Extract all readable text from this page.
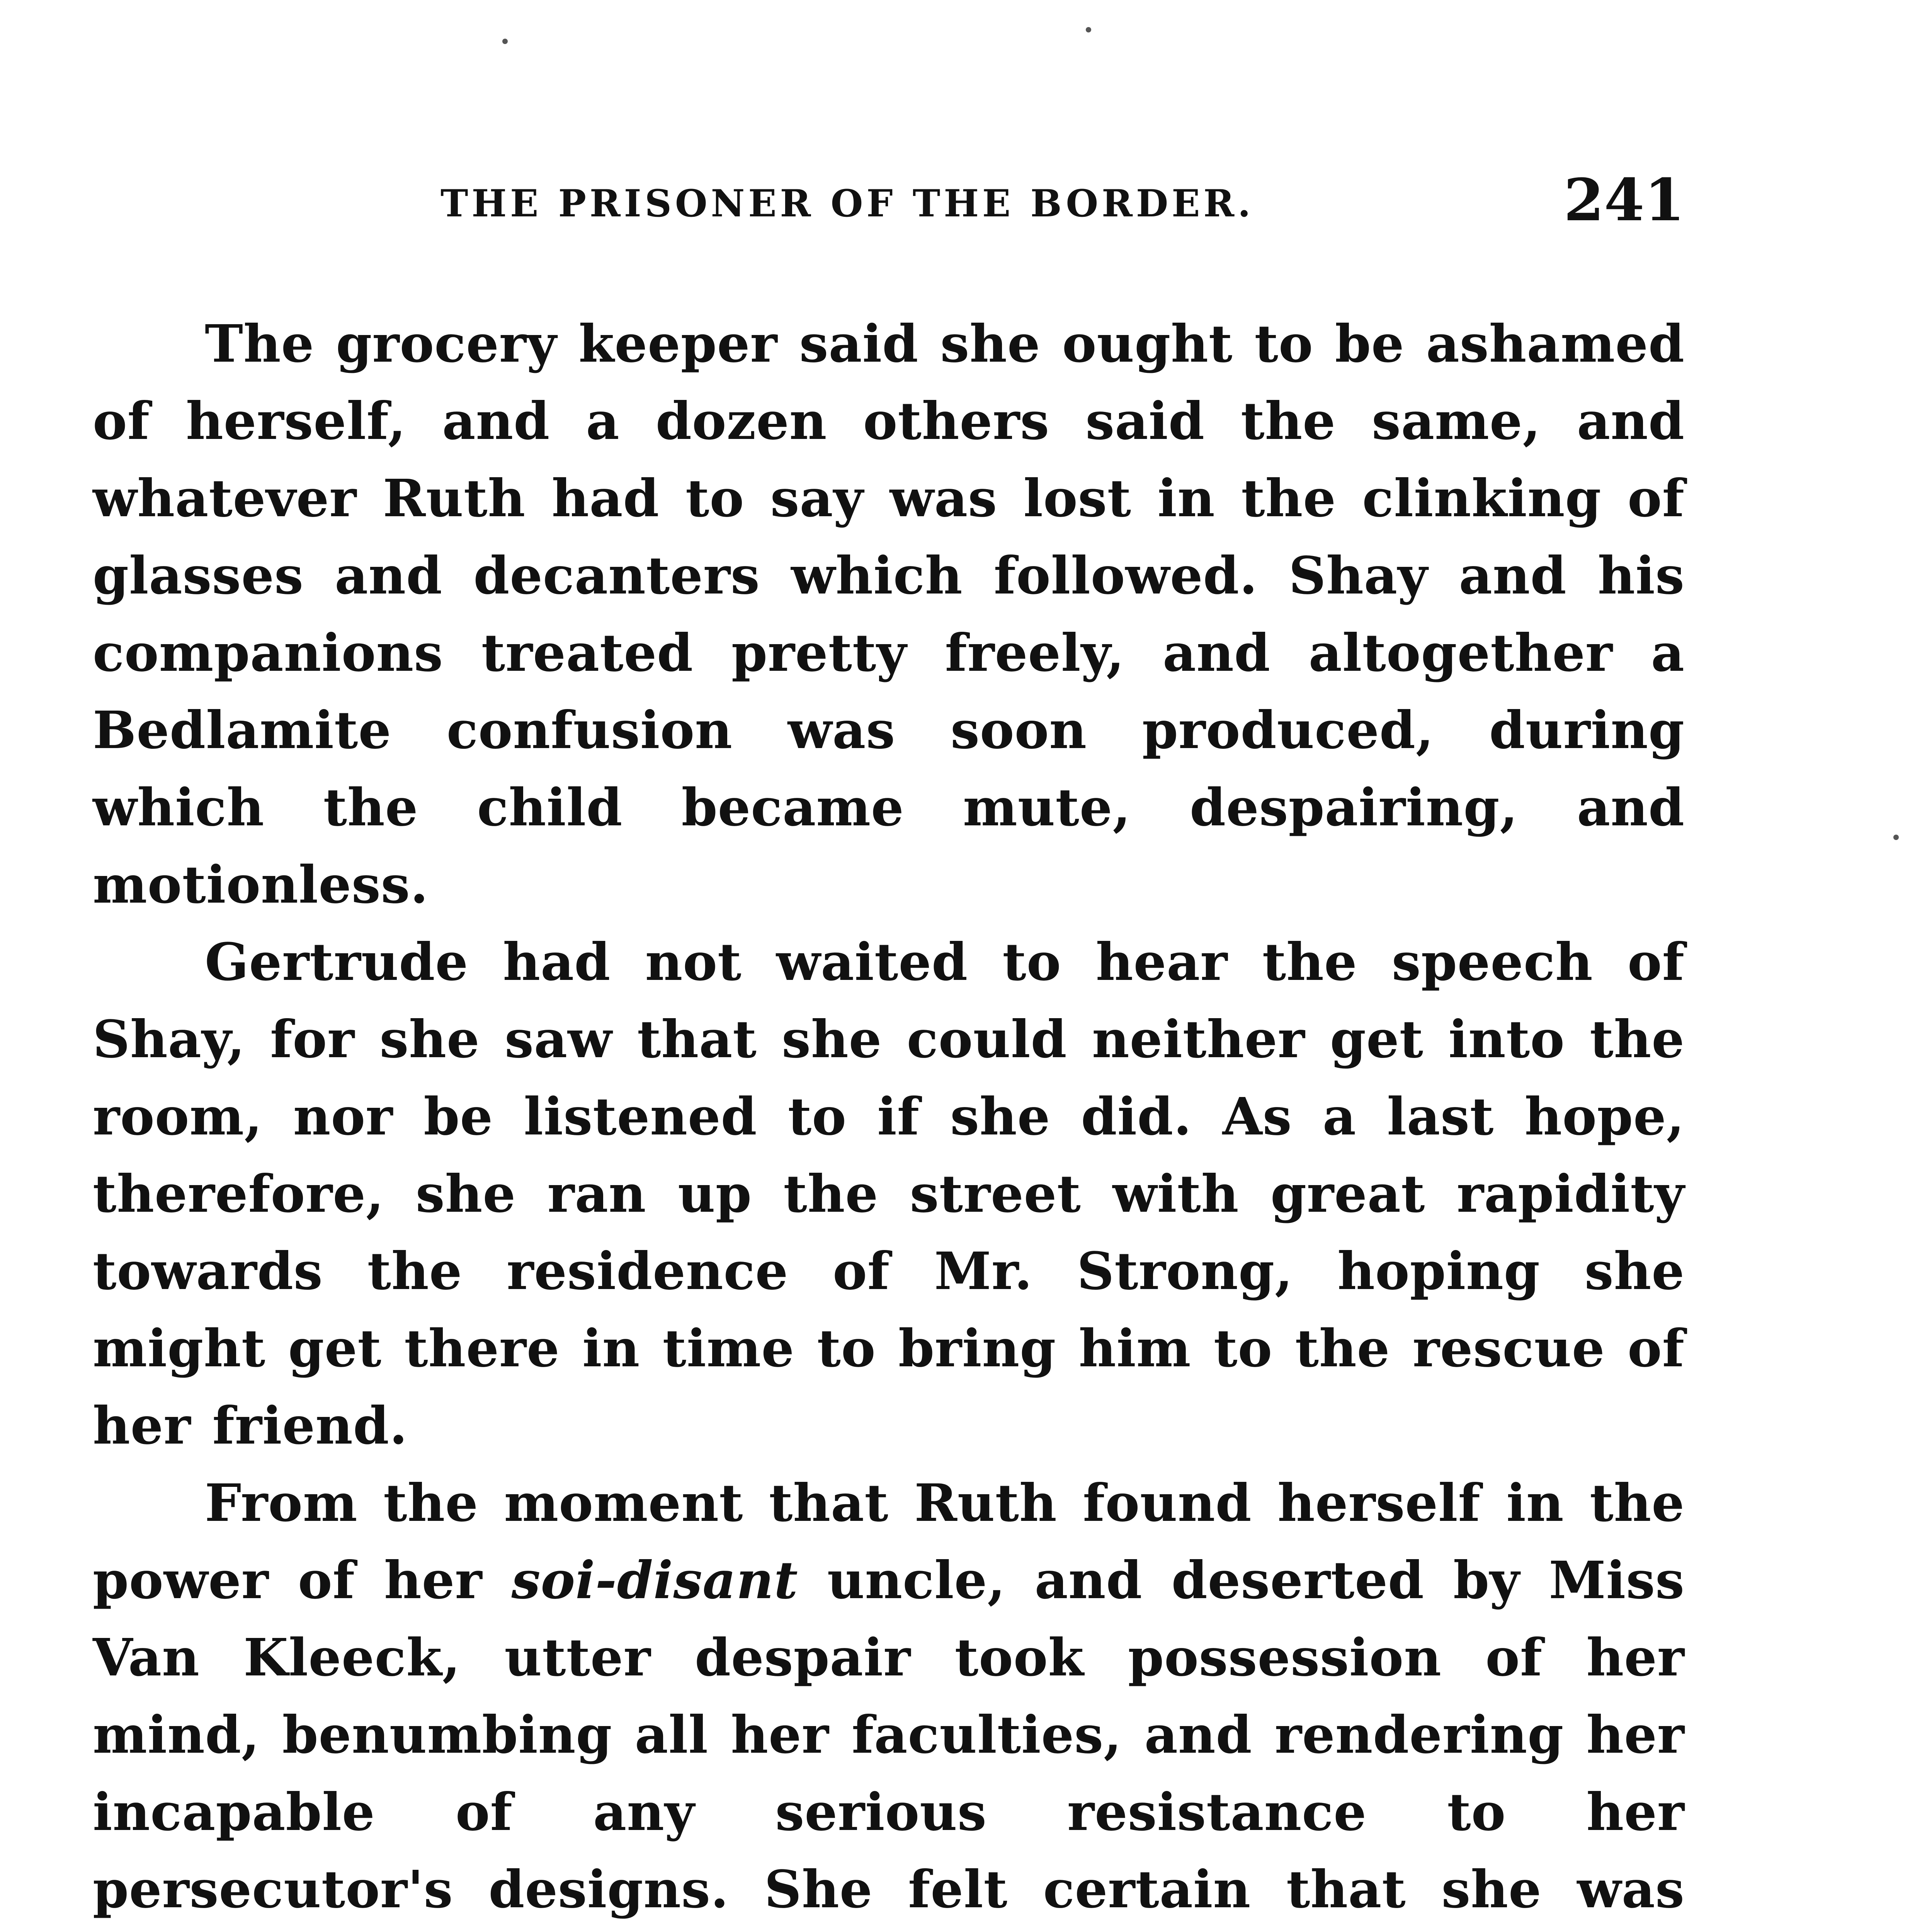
THE PRISONER OF THE BORDER.	241

The grocery keeper said she ought to be ashamed of herself, and a dozen others said the same, and whatever Ruth had to say was lost in the clinking of glasses and decanters which followed. Shay and his companions treated pretty freely, and altogether a Bedlamite confusion was soon produced, during which the child became mute, despairing, and motionless.

Gertrude had not waited to hear the speech of Shay, for she saw that she could neither get into the room, nor be listened to if she did. As a last hope, therefore, she ran up the street with great rapidity towards the residence of Mr. Strong, hoping she might get there in time to bring him to the rescue of her friend.

From the moment that Ruth found herself in the power of her soi-disant uncle, and deserted by Miss Van Kleeck, utter despair took possession of her mind, benumbing all her faculties, and rendering her incapable of any serious resistance to her persecutor's designs. She felt certain that she was
